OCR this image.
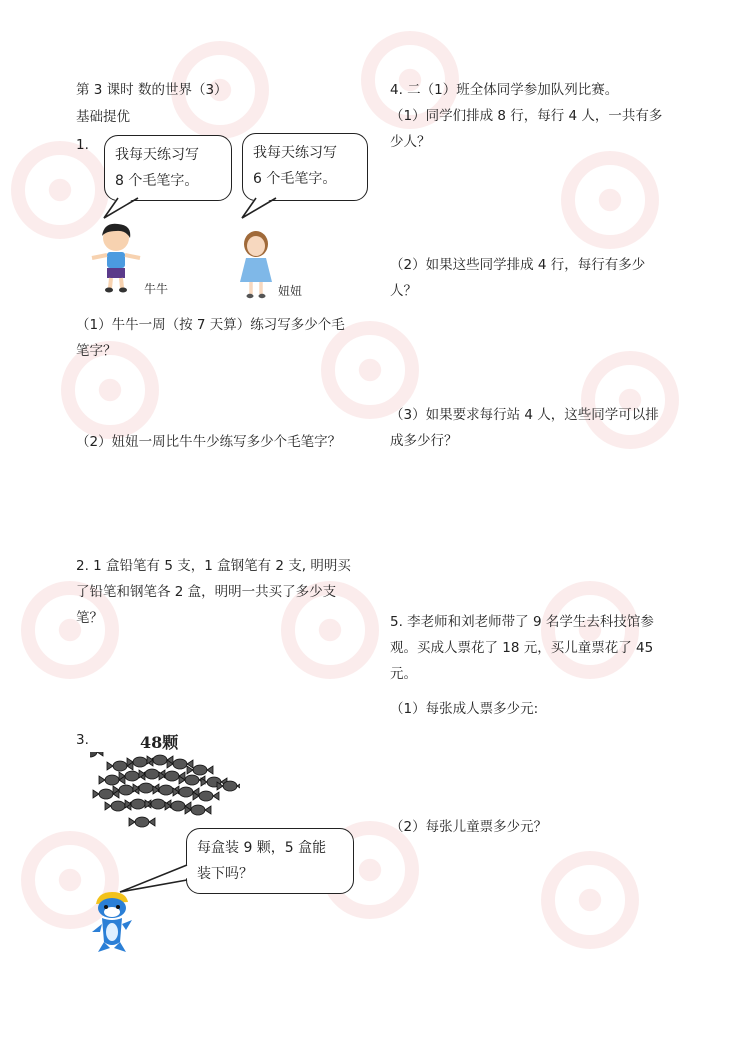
第 3 课时 数的世界（3）
基础提优
1.
我每天练习写
8 个毛笔字。
我每天练习写
6 个毛笔字。
牛牛	妞妞
（1）牛牛一周（按 7 天算）练习写多少个毛
笔字？
（2）妞妞一周比牛牛少练写多少个毛笔字？
2. 1 盒铅笔有 5 支，1 盒钢笔有 2 支, 明明买
了铅笔和钢笔各 2 盒，明明一共买了多少支
笔？
3.	48颗
每盒装 9 颗，5 盒能
装下吗？
4. 二（1）班全体同学参加队列比赛。
（1）同学们排成 8 行，每行 4 人，一共有多
少人？
（2）如果这些同学排成 4 行，每行有多少
人？
（3）如果要求每行站 4 人，这些同学可以排
成多少行？
5. 李老师和刘老师带了 9 名学生去科技馆参
观。买成人票花了 18 元，买儿童票花了 45
元。
（1）每张成人票多少元:
（2）每张儿童票多少元？
